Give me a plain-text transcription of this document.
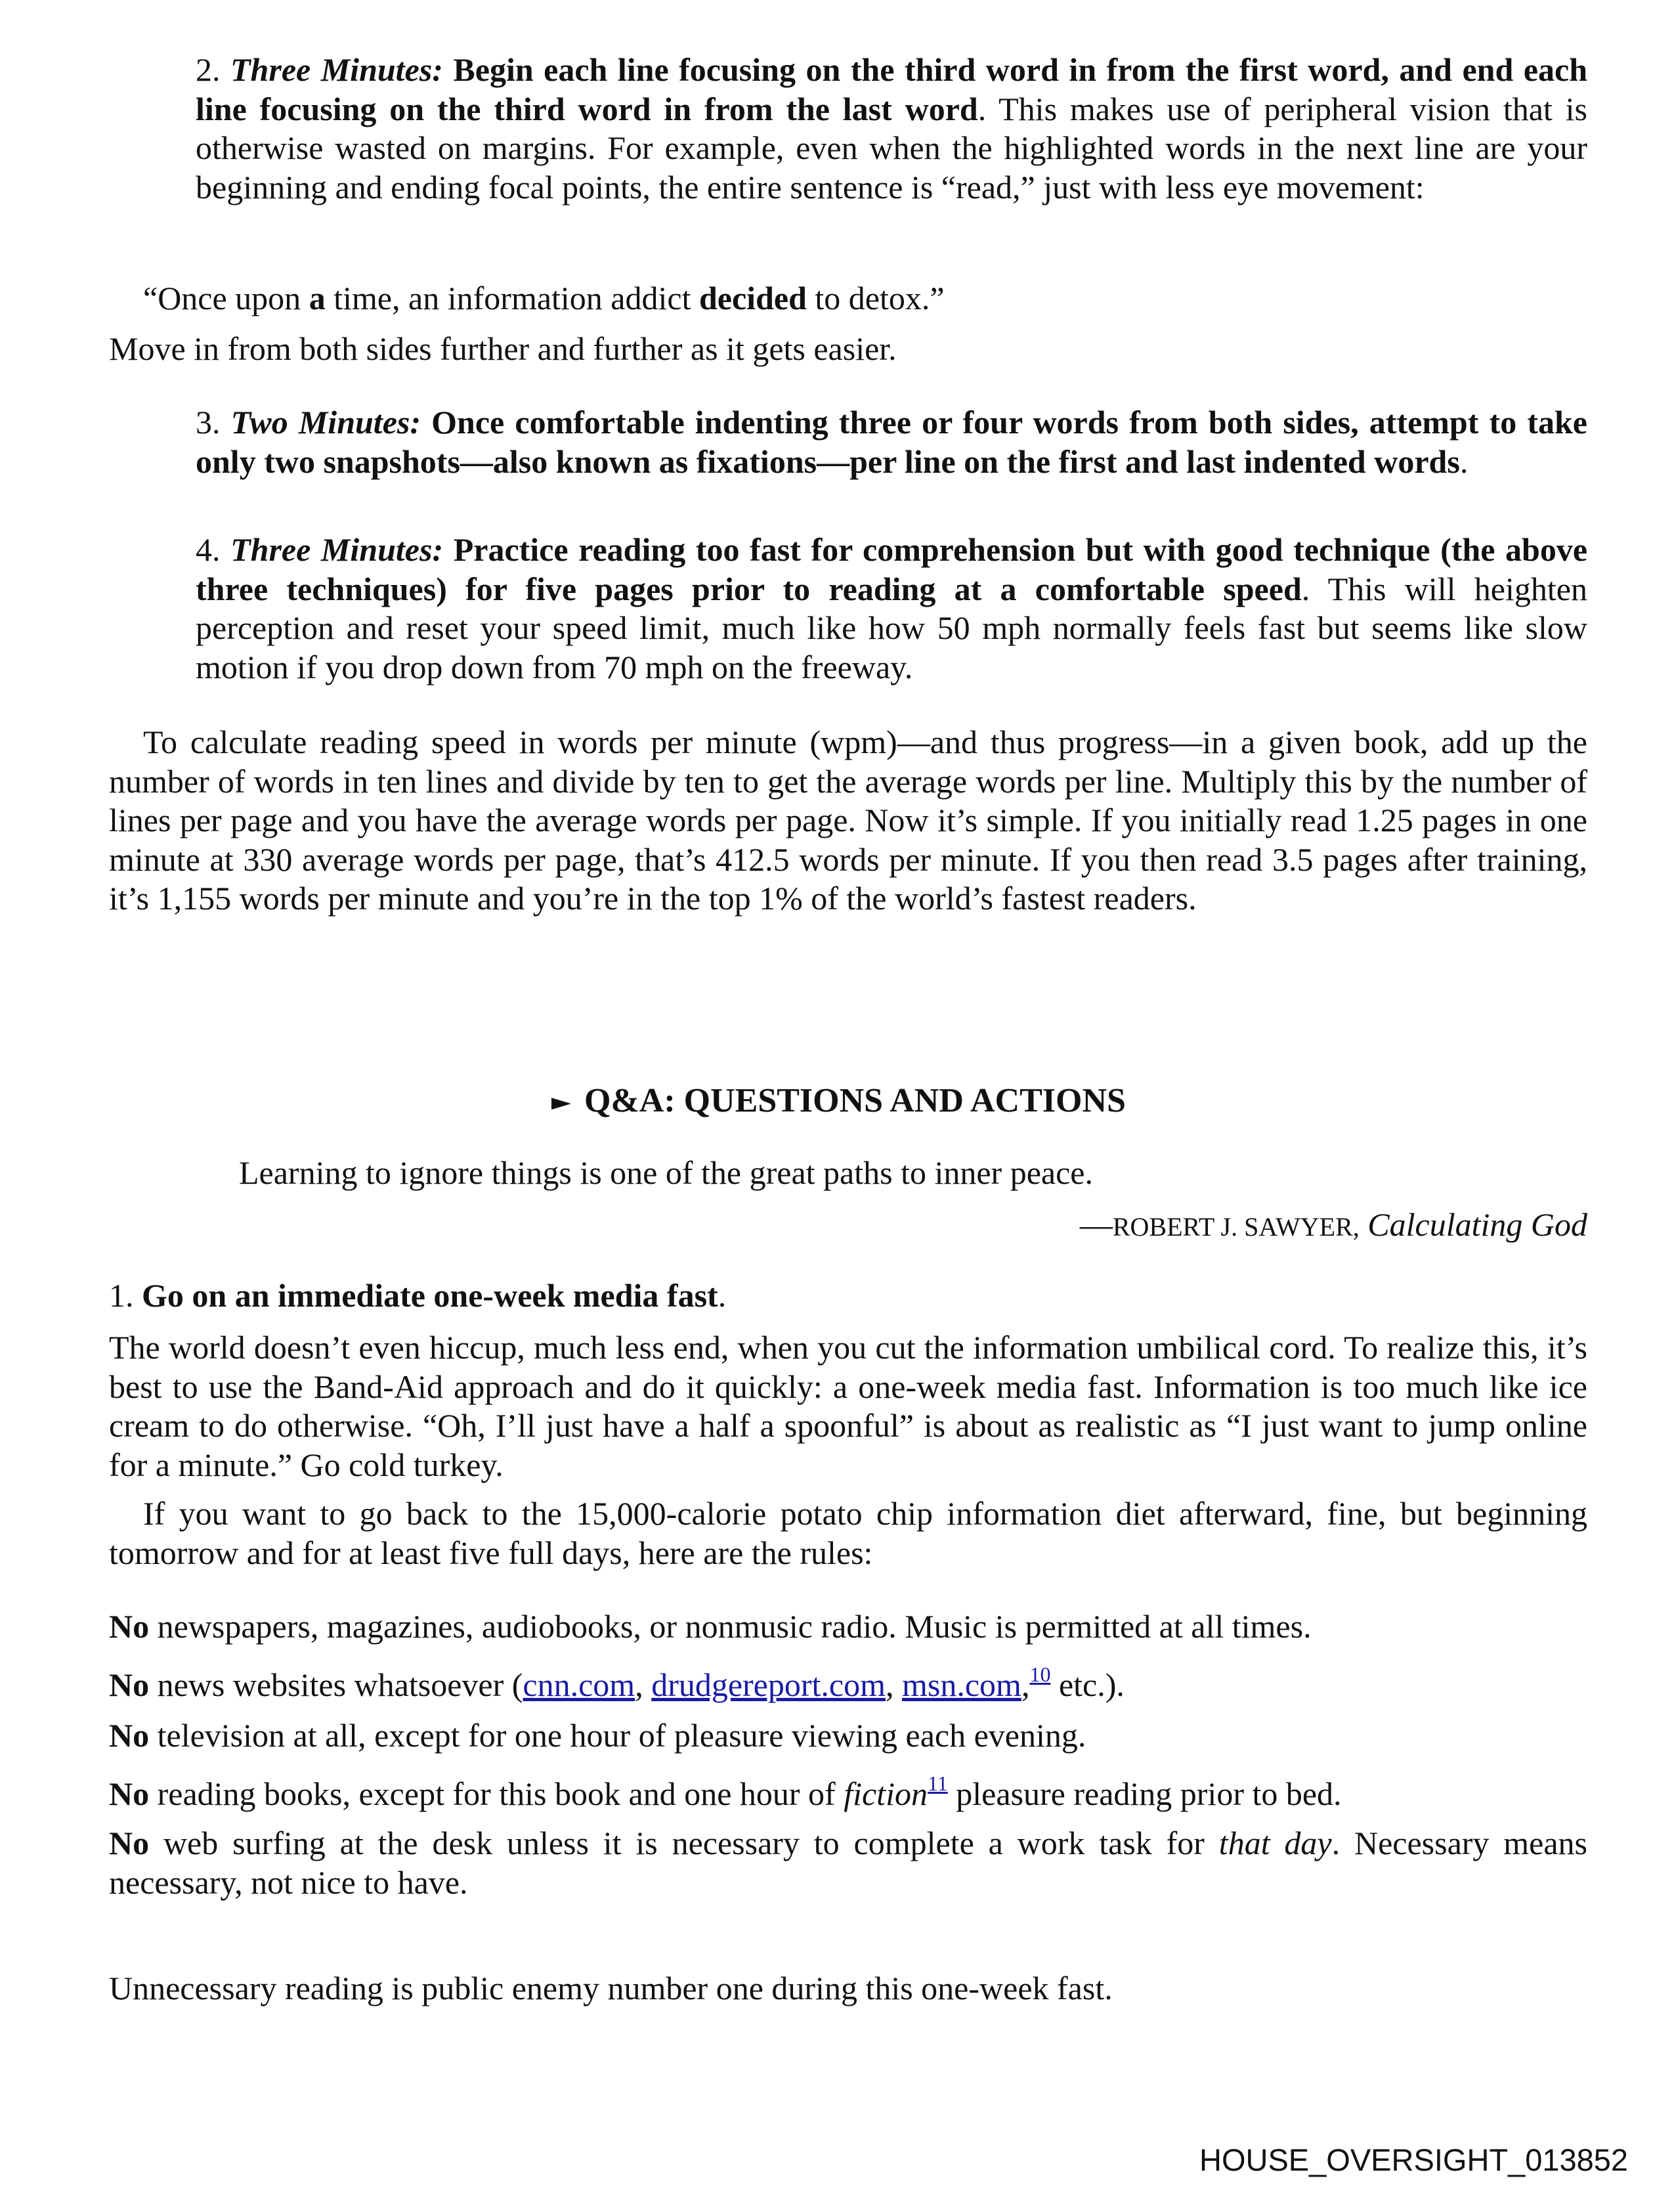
2. Three Minutes: Begin each line focusing on the third word in from the first word, and end each line focusing on the third word in from the last word. This makes use of peripheral vision that is otherwise wasted on margins. For example, even when the highlighted words in the next line are your beginning and ending focal points, the entire sentence is “read,” just with less eye movement:
“Once upon a time, an information addict decided to detox.”
Move in from both sides further and further as it gets easier.
3. Two Minutes: Once comfortable indenting three or four words from both sides, attempt to take only two snapshots—also known as fixations—per line on the first and last indented words.
4. Three Minutes: Practice reading too fast for comprehension but with good technique (the above three techniques) for five pages prior to reading at a comfortable speed. This will heighten perception and reset your speed limit, much like how 50 mph normally feels fast but seems like slow motion if you drop down from 70 mph on the freeway.
To calculate reading speed in words per minute (wpm)—and thus progress—in a given book, add up the number of words in ten lines and divide by ten to get the average words per line. Multiply this by the number of lines per page and you have the average words per page. Now it’s simple. If you initially read 1.25 pages in one minute at 330 average words per page, that’s 412.5 words per minute. If you then read 3.5 pages after training, it’s 1,155 words per minute and you’re in the top 1% of the world’s fastest readers.
Q&A: QUESTIONS AND ACTIONS
Learning to ignore things is one of the great paths to inner peace.
—ROBERT J. SAWYER, Calculating God
1. Go on an immediate one-week media fast.
The world doesn’t even hiccup, much less end, when you cut the information umbilical cord. To realize this, it’s best to use the Band-Aid approach and do it quickly: a one-week media fast. Information is too much like ice cream to do otherwise. “Oh, I’ll just have a half a spoonful” is about as realistic as “I just want to jump online for a minute.” Go cold turkey.
If you want to go back to the 15,000-calorie potato chip information diet afterward, fine, but beginning tomorrow and for at least five full days, here are the rules:
No newspapers, magazines, audiobooks, or nonmusic radio. Music is permitted at all times.
No news websites whatsoever (cnn.com, drudgereport.com, msn.com,$^{10}$ etc.).
No television at all, except for one hour of pleasure viewing each evening.
No reading books, except for this book and one hour of fiction$^{11}$ pleasure reading prior to bed.
No web surfing at the desk unless it is necessary to complete a work task for that day. Necessary means necessary, not nice to have.
Unnecessary reading is public enemy number one during this one-week fast.
HOUSE_OVERSIGHT_013852
